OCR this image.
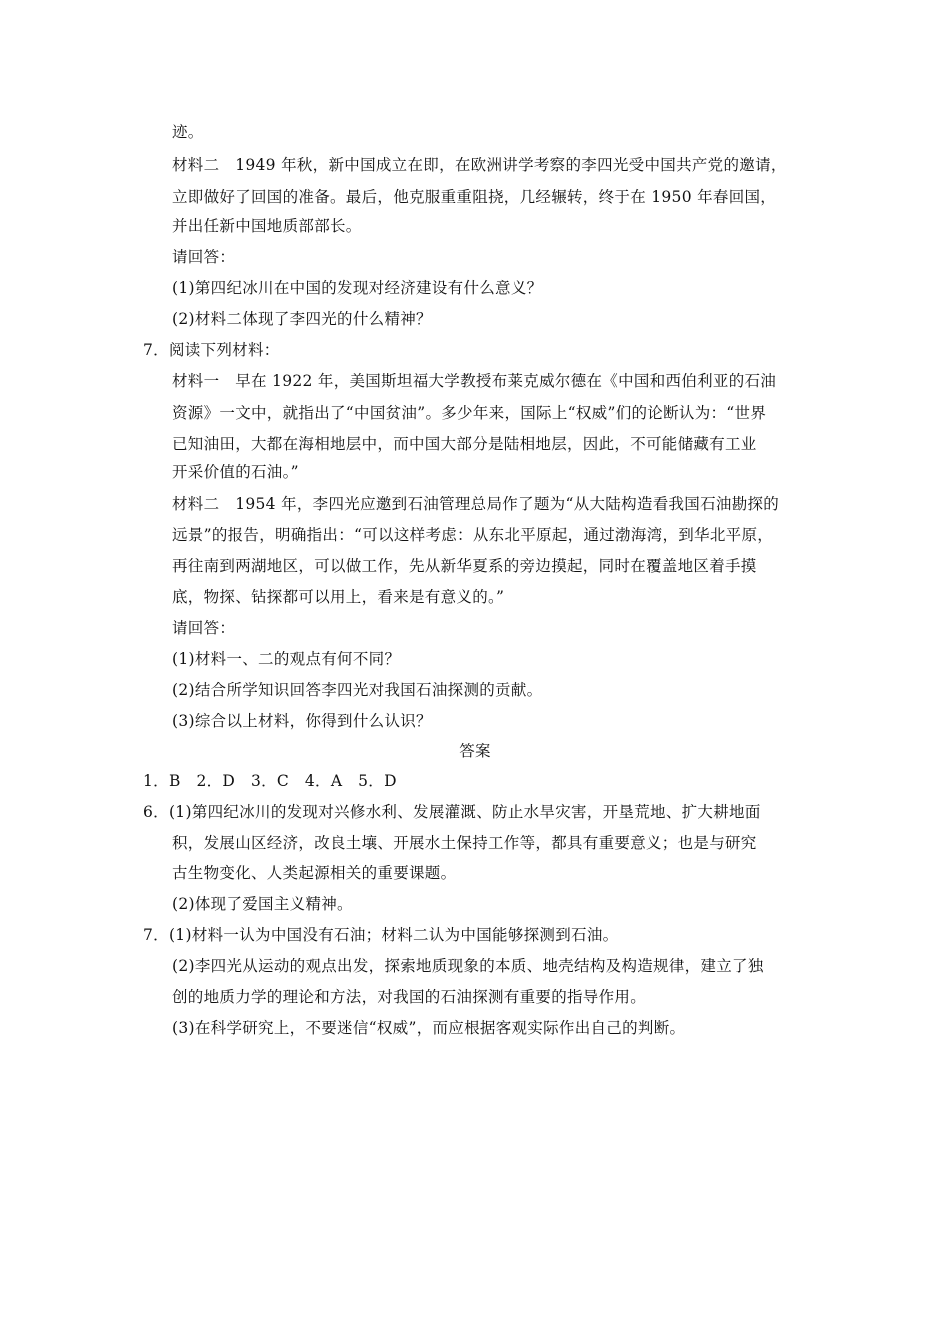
迹。
材料二　1949 年秋，新中国成立在即，在欧洲讲学考察的李四光受中国共产党的邀请，
立即做好了回国的准备。最后，他克服重重阻挠，几经辗转，终于在 1950 年春回国，
并出任新中国地质部部长。
请回答：
(1)第四纪冰川在中国的发现对经济建设有什么意义？
(2)材料二体现了李四光的什么精神？
7．阅读下列材料：
材料一　早在 1922 年，美国斯坦福大学教授布莱克威尔德在《中国和西伯利亚的石油
资源》一文中，就指出了“中国贫油”。多少年来，国际上“权威”们的论断认为：“世界
已知油田，大都在海相地层中，而中国大部分是陆相地层，因此，不可能储藏有工业
开采价值的石油。”
材料二　1954 年，李四光应邀到石油管理总局作了题为“从大陆构造看我国石油勘探的
远景”的报告，明确指出：“可以这样考虑：从东北平原起，通过渤海湾，到华北平原，
再往南到两湖地区，可以做工作，先从新华夏系的旁边摸起，同时在覆盖地区着手摸
底，物探、钻探都可以用上，看来是有意义的。”
请回答：
(1)材料一、二的观点有何不同？
(2)结合所学知识回答李四光对我国石油探测的贡献。
(3)综合以上材料，你得到什么认识？
答案
1．B　2．D　3．C　4．A　5．D
6．(1)第四纪冰川的发现对兴修水利、发展灌溉、防止水旱灾害，开垦荒地、扩大耕地面
积，发展山区经济，改良土壤、开展水土保持工作等，都具有重要意义；也是与研究
古生物变化、人类起源相关的重要课题。
(2)体现了爱国主义精神。
7．(1)材料一认为中国没有石油；材料二认为中国能够探测到石油。
(2)李四光从运动的观点出发，探索地质现象的本质、地壳结构及构造规律，建立了独
创的地质力学的理论和方法，对我国的石油探测有重要的指导作用。
(3)在科学研究上，不要迷信“权威”，而应根据客观实际作出自己的判断。
